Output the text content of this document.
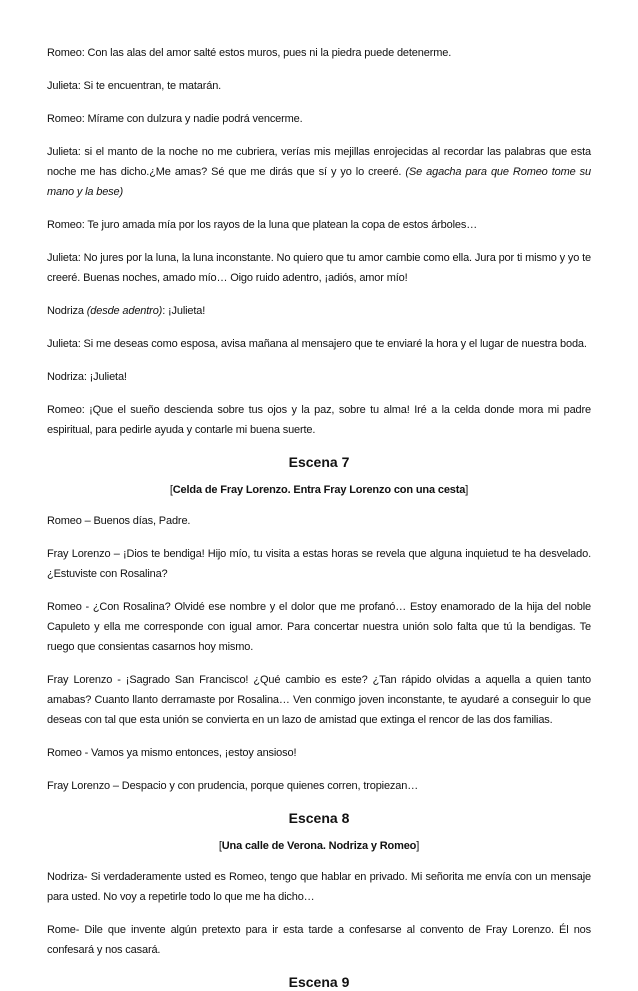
Romeo: Con las alas del amor salté estos muros, pues ni la piedra puede detenerme.

Julieta: Si te encuentran, te matarán.

Romeo: Mírame con dulzura y nadie podrá vencerme.

Julieta: si el manto de la noche no me cubriera, verías mis mejillas enrojecidas al recordar las palabras que esta noche me has dicho.¿Me amas? Sé que me dirás que sí y yo lo creeré. (Se agacha para que Romeo tome su mano y la bese)

Romeo: Te juro amada mía por los rayos de la luna que platean la copa de estos árboles…

Julieta: No jures por la luna, la luna inconstante. No quiero que tu amor cambie como ella. Jura por ti mismo y yo te creeré. Buenas noches, amado mío… Oigo ruido adentro, ¡adiós, amor mío!

Nodriza (desde adentro): ¡Julieta!

Julieta: Si me deseas como esposa, avisa mañana al mensajero que te enviaré la hora y el lugar de nuestra boda.

Nodriza: ¡Julieta!

Romeo: ¡Que el sueño descienda sobre tus ojos y la paz, sobre tu alma! Iré a la celda donde mora mi padre espiritual, para pedirle ayuda y contarle mi buena suerte.

Escena 7

[Celda de Fray Lorenzo. Entra Fray Lorenzo con una cesta]

Romeo – Buenos días, Padre.

Fray Lorenzo – ¡Dios te bendiga! Hijo mío, tu visita a estas horas se revela que alguna inquietud te ha desvelado. ¿Estuviste con Rosalina?

Romeo - ¿Con Rosalina? Olvidé ese nombre y el dolor que me profanó… Estoy enamorado de la hija del noble Capuleto y ella me corresponde con igual amor. Para concertar nuestra unión solo falta que tú la bendigas. Te ruego que consientas casarnos hoy mismo.

Fray Lorenzo - ¡Sagrado San Francisco! ¿Qué cambio es este? ¿Tan rápido olvidas a aquella a quien tanto amabas? Cuanto llanto derramaste por Rosalina… Ven conmigo joven inconstante, te ayudaré a conseguir lo que deseas con tal que esta unión se convierta en un lazo de amistad que extinga el rencor de las dos familias.

Romeo - Vamos ya mismo entonces, ¡estoy ansioso!

Fray Lorenzo – Despacio y con prudencia, porque quienes corren, tropiezan…

Escena 8

[Una calle de Verona. Nodriza y Romeo]

Nodriza- Si verdaderamente usted es Romeo, tengo que hablar en privado. Mi señorita me envía con un mensaje para usted. No voy a repetirle todo lo que me ha dicho…

Rome- Dile que invente algún pretexto para ir esta tarde a confesarse al convento de Fray Lorenzo. Él nos confesará y nos casará.

Escena 9
